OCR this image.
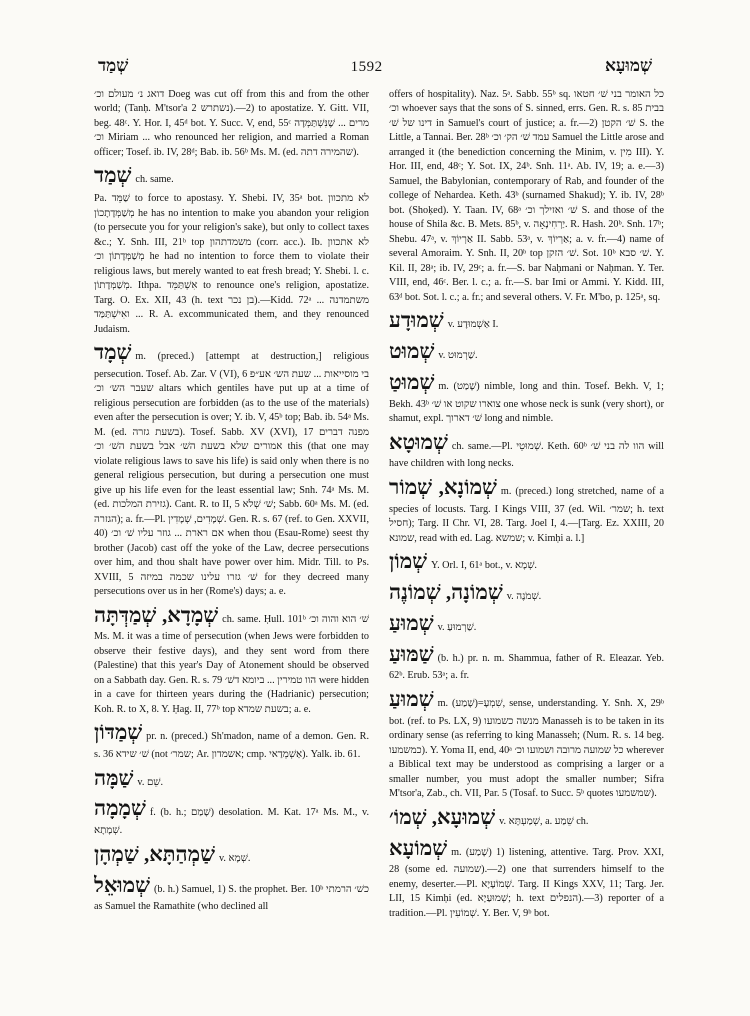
שְׁמַד	1592	שְׁמוּעָא

דואג נ׳ מעולם וכ׳ Doeg was cut off from this and from the other world; (Tanḥ. M'tsor'a 2 נשתרש).—2) to apostatize. Y. Gitt. VII, beg. 48ᶜ. Y. Hor. I, 45ᵈ bot. Y. Succ. V, end, 55ᶜ מרים ... שֶׁנִּשְׁתַּמְּדָה וכ׳ Miriam ... who renounced her religion, and married a Roman officer; Tosef. ib. IV, 28ᵈ; Bab. ib. 56ᵇ Ms. M. (ed. שהמירה דתה).

שְׁמַד ch. same.

Pa. שַׁמֵּד to force to apostasy. Y. Shebi. IV, 35ᵃ bot. לא מתכוון מְשַׁמְּדָתָכוֹן he has no intention to make you abandon your religion (to persecute you for your religion's sake), but only to collect taxes &c.; Y. Snh. III, 21ᵇ top משמדתהון (corr. acc.). Ib. לא אתכוון מְשַׁמְּדָתוֹן וכ׳ he had no intention to force them to violate their religious laws, but merely wanted to eat fresh bread; Y. Shebi. l. c. מְשַׁמְּדָתוֹן. Ithpa. אִשְׁתַּמֵּד to renounce one's religion, apostatize. Targ. O. Ex. XII, 43 (h. text בן נכר).—Kidd. 72ᵃ משתמדנה ... ואִישְׁתַּמַּד ... R. A. excommunicated them, and they renounced Judaism.

שְׁמָד m. (preced.) [attempt at destruction,] religious persecution. Tosef. Ab. Zar. V (VI), 6 בי מוסייאות ... שעת הש׳ אע״פ שעבר הש׳ וכ׳ altars which gentiles have put up at a time of religious persecution are forbidden (as to the use of the materials) even after the persecution is over; Y. ib. V, 45ᵇ top; Bab. ib. 54ᵃ Ms. M. (ed. בשעת גזרה). Tosef. Sabb. XV (XVI), 17 מפנה דברים אמורים שלא בשעת השׁ׳ אבל בשעת השׁ׳ וכ׳ this (that one may violate religious laws to save his life) is said only when there is no general religious persecution, but during a persecution one must give up his life even for the least essential law; Snh. 74ᵃ Ms. M. (ed. גזירת המלכות). Cant. R. to II, 5 שׁ׳ שְׁלֹא; Sabb. 60ᵃ Ms. M. (ed. הגזרה); a. fr.—Pl. שְׁמָדִים, שְׁמָדִין. Gen. R. s. 67 (ref. to Gen. XXVII, 40) אם רארת ... גוזר עליו שׁ׳ וכ׳ when thou (Esau-Rome) seest thy brother (Jacob) cast off the yoke of the Law, decree persecutions over him, and thou shalt have power over him. Midr. Till. to Ps. XVIII, 5 שׁ׳ גזרו עלינו שכמה במיזה for they decreed many persecutions over us in her (Rome's) days; a. e.

שְׁמָדָא, שְׁמַדְּתָּה ch. same. Ḥull. 101ᵇ שׁ׳ הוא והוה וכ׳ Ms. M. it was a time of persecution (when Jews were forbidden to observe their festive days), and they sent word from there (Palestine) that this year's Day of Atonement should be observed on a Sabbath day. Gen. R. s. 79 הוו טמירין ... ביומא דשׁ׳ were hidden in a cave for thirteen years during the (Hadrianic) persecution; Koh. R. to X, 8. Y. Ḥag. II, 77ᵇ top בשעת שמדא; a. e.

שְׁמַדּוֹן pr. n. (preced.) Sh'madon, name of a demon. Gen. R. s. 36 שׁ׳ שידא (not שמר׳; Ar. אשמדון; cmp. אַשְׁמְדַאי). Yalk. ib. 61.

שַׁמָּה v. שֵׁם.

שְׁמָמָה f. (b. h.; שָׁמַם) desolation. M. Kat. 17ᵃ Ms. M., v. שְׁמָתָא.

שַׁמְהַתָּא, שַׁמְהָן v. שְׁמָא.

שְׁמוּאֵל (b. h.) Samuel, 1) S. the prophet. Ber. 10ᵇ כשׁ׳ הרמתי as Samuel the Ramathite (who declined all

offers of hospitality). Naz. 5ᵃ. Sabb. 55ᵇ sq. כל האומר בני שׁ׳ חטאו וכ׳ whoever says that the sons of S. sinned, errs. Gen. R. s. 85 בבית דינו של שׁ׳ in Samuel's court of justice; a. fr.—2) שׁ׳ הקטן S. the Little, a Tannai. Ber. 28ᵇ עמד שׁ׳ הק׳ וכ׳ Samuel the Little arose and arranged it (the benediction concerning the Minim, v. מִין III). Y. Hor. III, end, 48ᶜ; Y. Sot. IX, 24ᵇ. Snh. 11ᵃ. Ab. IV, 19; a. e.—3) Samuel, the Babylonian, contemporary of Rab, and founder of the college of Nehardea. Keth. 43ᵇ (surnamed Shakud); Y. ib. IV, 28ᵇ bot. (Shoḳed). Y. Taan. IV, 68ᵃ שׁ׳ ואזילך וכ׳ S. and those of the house of Shila &c. B. Mets. 85ᵇ, v. יַרְחִינָאָה. R. Hash. 20ᵇ. Snh. 17ᵇ; Shebu. 47ᵃ, v. אַרְיוֹךְ II. Sabb. 53ᵃ, v. אַרְיוֹךְ; a. v. fr.—4) name of several Amoraim. Y. Snh. II, 20ᵇ top שׁ׳ הזקן. Sot. 10ᵇ שׁ׳ סבא. Y. Kil. II, 28ᵃ; ib. IV, 29ᶜ; a. fr.—S. bar Naḥmani or Naḥman. Y. Ter. VIII, end, 46ᶜ. Ber. l. c.; a. fr.—S. bar Imi or Ammi. Y. Kidd. III, 63ᵈ bot. Sot. l. c.; a. fr.; and several others. V. Fr. M'bo, p. 125ᵃ, sq.

שְׁמוּדָע v. אַשְׁמוּדָע I.

שְׁמוּט v. שַׁרְמוּט.

שְׁמוּטַ m. (שָׁמַט) nimble, long and thin. Tosef. Bekh. V, 1; Bekh. 43ᵇ צוארו שקוט או שׁ׳ one whose neck is sunk (very short), or shamut, expl. שׁ׳ דארוך long and nimble.

שְׁמוּטָא ch. same.—Pl. שְׁמוּטֵי. Keth. 60ᵇ הוו לה בני שׁ׳ will have children with long necks.

שְׁמוֹנָא, שְׁמוֹר m. (preced.) long stretched, name of a species of locusts. Targ. I Kings VIII, 37 (ed. Wil. שמר׳; h. text חסיל); Targ. II Chr. VI, 28. Targ. Joel I, 4.—[Targ. Ez. XXIII, 20 שמונא, read with ed. Lag. שמשא; v. Kimḥi a. l.]

שְׁמוֹן Y. Orl. I, 61ᵃ bot., v. שְׁמָא.

שְׁמוֹנָה, שְׁמוֹנֶה v. שְׁמֹנֶה.

שְׁמוּעַ v. שַׁרְמוּעַ.

שַׁמּוּעַ (b. h.) pr. n. m. Shammua, father of R. Eleazar. Yeb. 62ᵇ. Erub. 53ᵃ; a. fr.

שְׁמוּעַ m. (שָׁמַע)=שִׁמְעָ, sense, understanding. Y. Snh. X, 29ᵇ bot. (ref. to Ps. LX, 9) מנשה כשמועו Manasseh is to be taken in its ordinary sense (as referring to king Manasseh; (Num. R. s. 14 beg. כמשמעו). Y. Yoma II, end, 40ᵃ כל שמועה מרובה ושמועו וכ׳ wherever a Biblical text may be understood as comprising a larger or a smaller number, you must adopt the smaller number; Sifra M'tsor'a, Zab., ch. VII, Par. 5 (Tosaf. to Succ. 5ᵇ quotes שמשמעו).

שְׁמוּעָא, שְׁמוֹ׳ v. שְׁמַעְתָּא, a. שֵׁמַע ch.

שְׁמוֹעָא m. (שָׁמַע) 1) listening, attentive. Targ. Prov. XXI, 28 (some ed. שמועה).—2) one that surrenders himself to the enemy, deserter.—Pl. שְׁמוֹעָיָא. Targ. II Kings XXV, 11; Targ. Jer. LII, 15 Kimḥi (ed. שְׁמוּעַיָא; h. text הנפלים).—3) reporter of a tradition.—Pl. שְׁמוֹעִין. Y. Ber. V, 9ᵇ bot.
